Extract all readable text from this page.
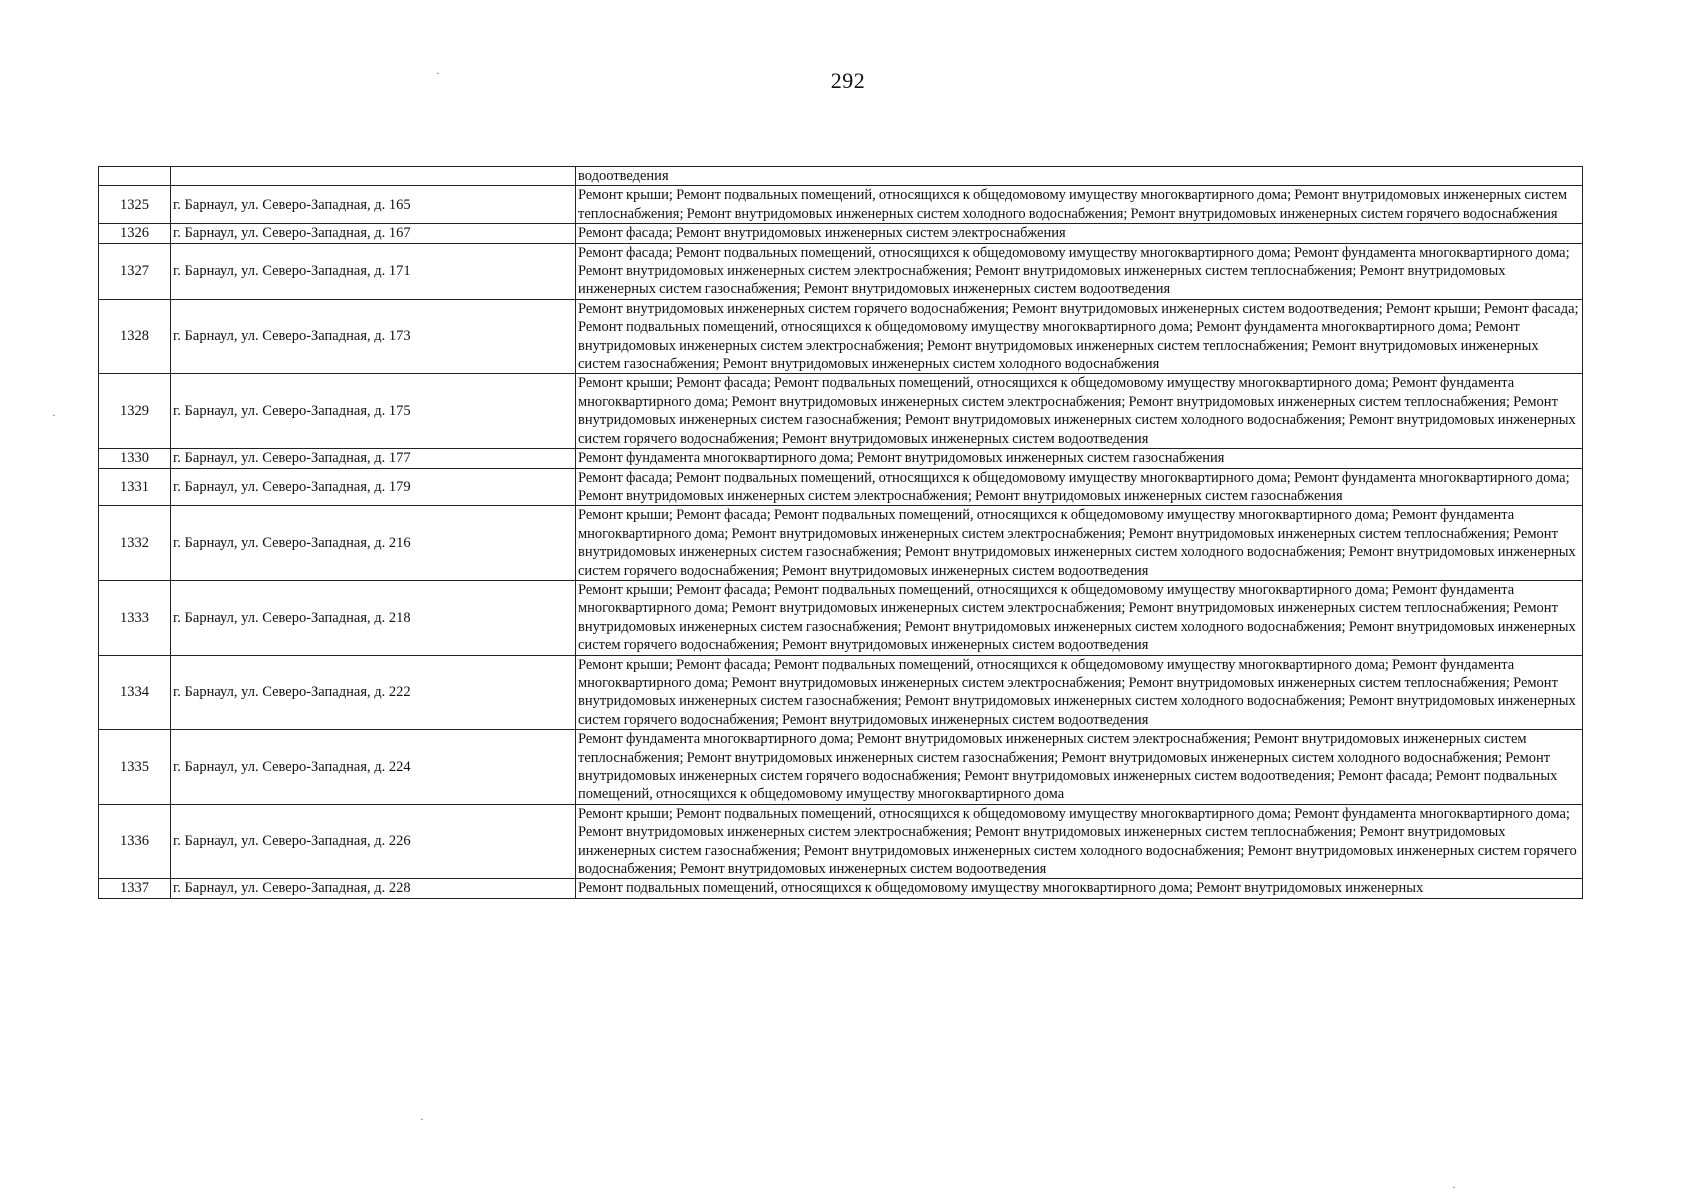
292
		водоотведения
1325	г. Барнаул, ул. Северо-Западная, д. 165	Ремонт крыши; Ремонт подвальных помещений, относящихся к общедомовому имуществу многоквартирного дома; Ремонт внутридомовых инженерных систем теплоснабжения; Ремонт внутридомовых инженерных систем холодного водоснабжения; Ремонт внутридомовых инженерных систем горячего водоснабжения
1326	г. Барнаул, ул. Северо-Западная, д. 167	Ремонт фасада; Ремонт внутридомовых инженерных систем электроснабжения
1327	г. Барнаул, ул. Северо-Западная, д. 171	Ремонт фасада; Ремонт подвальных помещений, относящихся к общедомовому имуществу многоквартирного дома; Ремонт фундамента многоквартирного дома; Ремонт внутридомовых инженерных систем электроснабжения; Ремонт внутридомовых инженерных систем теплоснабжения; Ремонт внутридомовых инженерных систем газоснабжения; Ремонт внутридомовых инженерных систем водоотведения
1328	г. Барнаул, ул. Северо-Западная, д. 173	Ремонт внутридомовых инженерных систем горячего водоснабжения; Ремонт внутридомовых инженерных систем водоотведения; Ремонт крыши; Ремонт фасада; Ремонт подвальных помещений, относящихся к общедомовому имуществу многоквартирного дома; Ремонт фундамента многоквартирного дома; Ремонт внутридомовых инженерных систем электроснабжения; Ремонт внутридомовых инженерных систем теплоснабжения; Ремонт внутридомовых инженерных систем газоснабжения; Ремонт внутридомовых инженерных систем холодного водоснабжения
1329	г. Барнаул, ул. Северо-Западная, д. 175	Ремонт крыши; Ремонт фасада; Ремонт подвальных помещений, относящихся к общедомовому имуществу многоквартирного дома; Ремонт фундамента многоквартирного дома; Ремонт внутридомовых инженерных систем электроснабжения; Ремонт внутридомовых инженерных систем теплоснабжения; Ремонт внутридомовых инженерных систем газоснабжения; Ремонт внутридомовых инженерных систем холодного водоснабжения; Ремонт внутридомовых инженерных систем горячего водоснабжения; Ремонт внутридомовых инженерных систем водоотведения
1330	г. Барнаул, ул. Северо-Западная, д. 177	Ремонт фундамента многоквартирного дома; Ремонт внутридомовых инженерных систем газоснабжения
1331	г. Барнаул, ул. Северо-Западная, д. 179	Ремонт фасада; Ремонт подвальных помещений, относящихся к общедомовому имуществу многоквартирного дома; Ремонт фундамента многоквартирного дома; Ремонт внутридомовых инженерных систем электроснабжения; Ремонт внутридомовых инженерных систем газоснабжения
1332	г. Барнаул, ул. Северо-Западная, д. 216	Ремонт крыши; Ремонт фасада; Ремонт подвальных помещений, относящихся к общедомовому имуществу многоквартирного дома; Ремонт фундамента многоквартирного дома; Ремонт внутридомовых инженерных систем электроснабжения; Ремонт внутридомовых инженерных систем теплоснабжения; Ремонт внутридомовых инженерных систем газоснабжения; Ремонт внутридомовых инженерных систем холодного водоснабжения; Ремонт внутридомовых инженерных систем горячего водоснабжения; Ремонт внутридомовых инженерных систем водоотведения
1333	г. Барнаул, ул. Северо-Западная, д. 218	Ремонт крыши; Ремонт фасада; Ремонт подвальных помещений, относящихся к общедомовому имуществу многоквартирного дома; Ремонт фундамента многоквартирного дома; Ремонт внутридомовых инженерных систем электроснабжения; Ремонт внутридомовых инженерных систем теплоснабжения; Ремонт внутридомовых инженерных систем газоснабжения; Ремонт внутридомовых инженерных систем холодного водоснабжения; Ремонт внутридомовых инженерных систем горячего водоснабжения; Ремонт внутридомовых инженерных систем водоотведения
1334	г. Барнаул, ул. Северо-Западная, д. 222	Ремонт крыши; Ремонт фасада; Ремонт подвальных помещений, относящихся к общедомовому имуществу многоквартирного дома; Ремонт фундамента многоквартирного дома; Ремонт внутридомовых инженерных систем электроснабжения; Ремонт внутридомовых инженерных систем теплоснабжения; Ремонт внутридомовых инженерных систем газоснабжения; Ремонт внутридомовых инженерных систем холодного водоснабжения; Ремонт внутридомовых инженерных систем горячего водоснабжения; Ремонт внутридомовых инженерных систем водоотведения
1335	г. Барнаул, ул. Северо-Западная, д. 224	Ремонт фундамента многоквартирного дома; Ремонт внутридомовых инженерных систем электроснабжения; Ремонт внутридомовых инженерных систем теплоснабжения; Ремонт внутридомовых инженерных систем газоснабжения; Ремонт внутридомовых инженерных систем холодного водоснабжения; Ремонт внутридомовых инженерных систем горячего водоснабжения; Ремонт внутридомовых инженерных систем водоотведения; Ремонт фасада; Ремонт подвальных помещений, относящихся к общедомовому имуществу многоквартирного дома
1336	г. Барнаул, ул. Северо-Западная, д. 226	Ремонт крыши; Ремонт подвальных помещений, относящихся к общедомовому имуществу многоквартирного дома; Ремонт фундамента многоквартирного дома; Ремонт внутридомовых инженерных систем электроснабжения; Ремонт внутридомовых инженерных систем теплоснабжения; Ремонт внутридомовых инженерных систем газоснабжения; Ремонт внутридомовых инженерных систем холодного водоснабжения; Ремонт внутридомовых инженерных систем горячего водоснабжения; Ремонт внутридомовых инженерных систем водоотведения
1337	г. Барнаул, ул. Северо-Западная, д. 228	Ремонт подвальных помещений, относящихся к общедомовому имуществу многоквартирного дома; Ремонт внутридомовых инженерных
·
·
·
·
